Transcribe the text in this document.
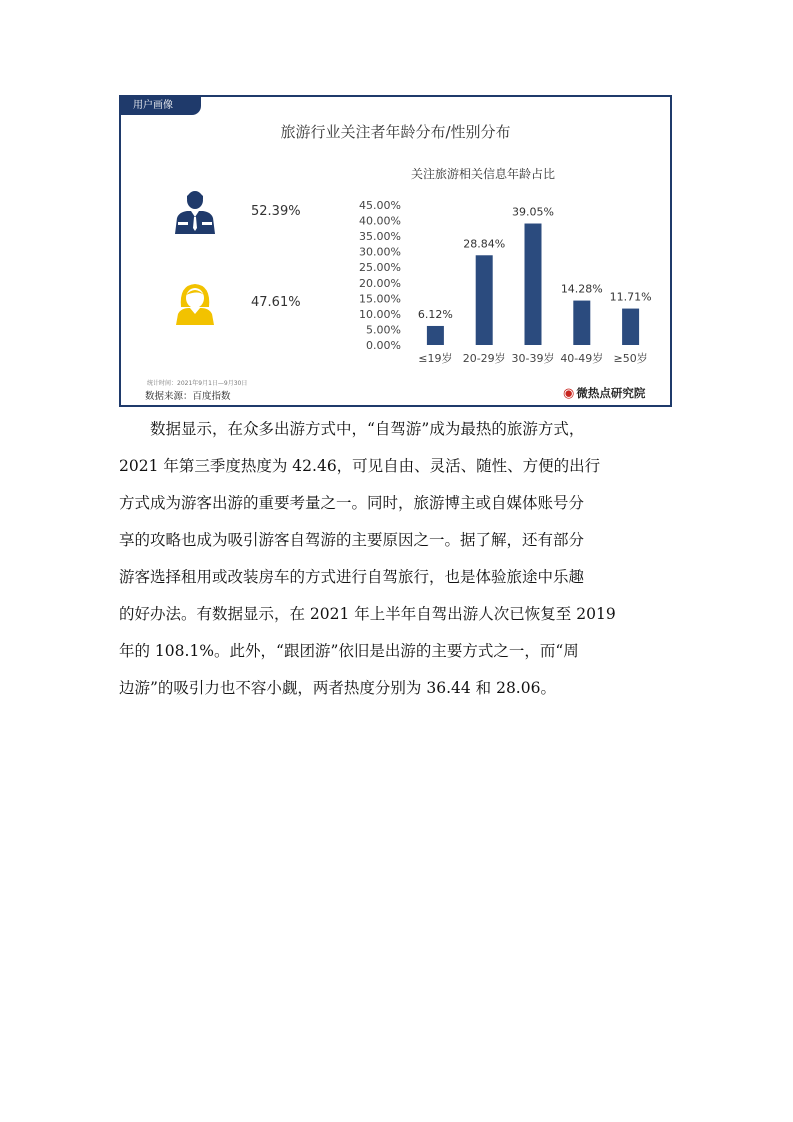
用户画像
旅游行业关注者年龄分布/性别分布
52.39%
47.61%
关注旅游相关信息年龄占比
0.00%
5.00%
10.00%
15.00%
20.00%
25.00%
30.00%
35.00%
40.00%
45.00%
6.12%
≤19岁
28.84%
20-29岁
39.05%
30-39岁
14.28%
40-49岁
11.71%
≥50岁
统计时间：2021年9月1日—9月30日
数据来源：百度指数	◉ 微热点研究院
　　数据显示，在众多出游方式中，“自驾游”成为最热的旅游方式，
2021 年第三季度热度为 42.46，可见自由、灵活、随性、方便的出行
方式成为游客出游的重要考量之一。同时，旅游博主或自媒体账号分
享的攻略也成为吸引游客自驾游的主要原因之一。据了解，还有部分
游客选择租用或改装房车的方式进行自驾旅行，也是体验旅途中乐趣
的好办法。有数据显示，在 2021 年上半年自驾出游人次已恢复至 2019
年的 108.1%。此外，“跟团游”依旧是出游的主要方式之一，而“周
边游”的吸引力也不容小觑，两者热度分别为 36.44 和 28.06。
